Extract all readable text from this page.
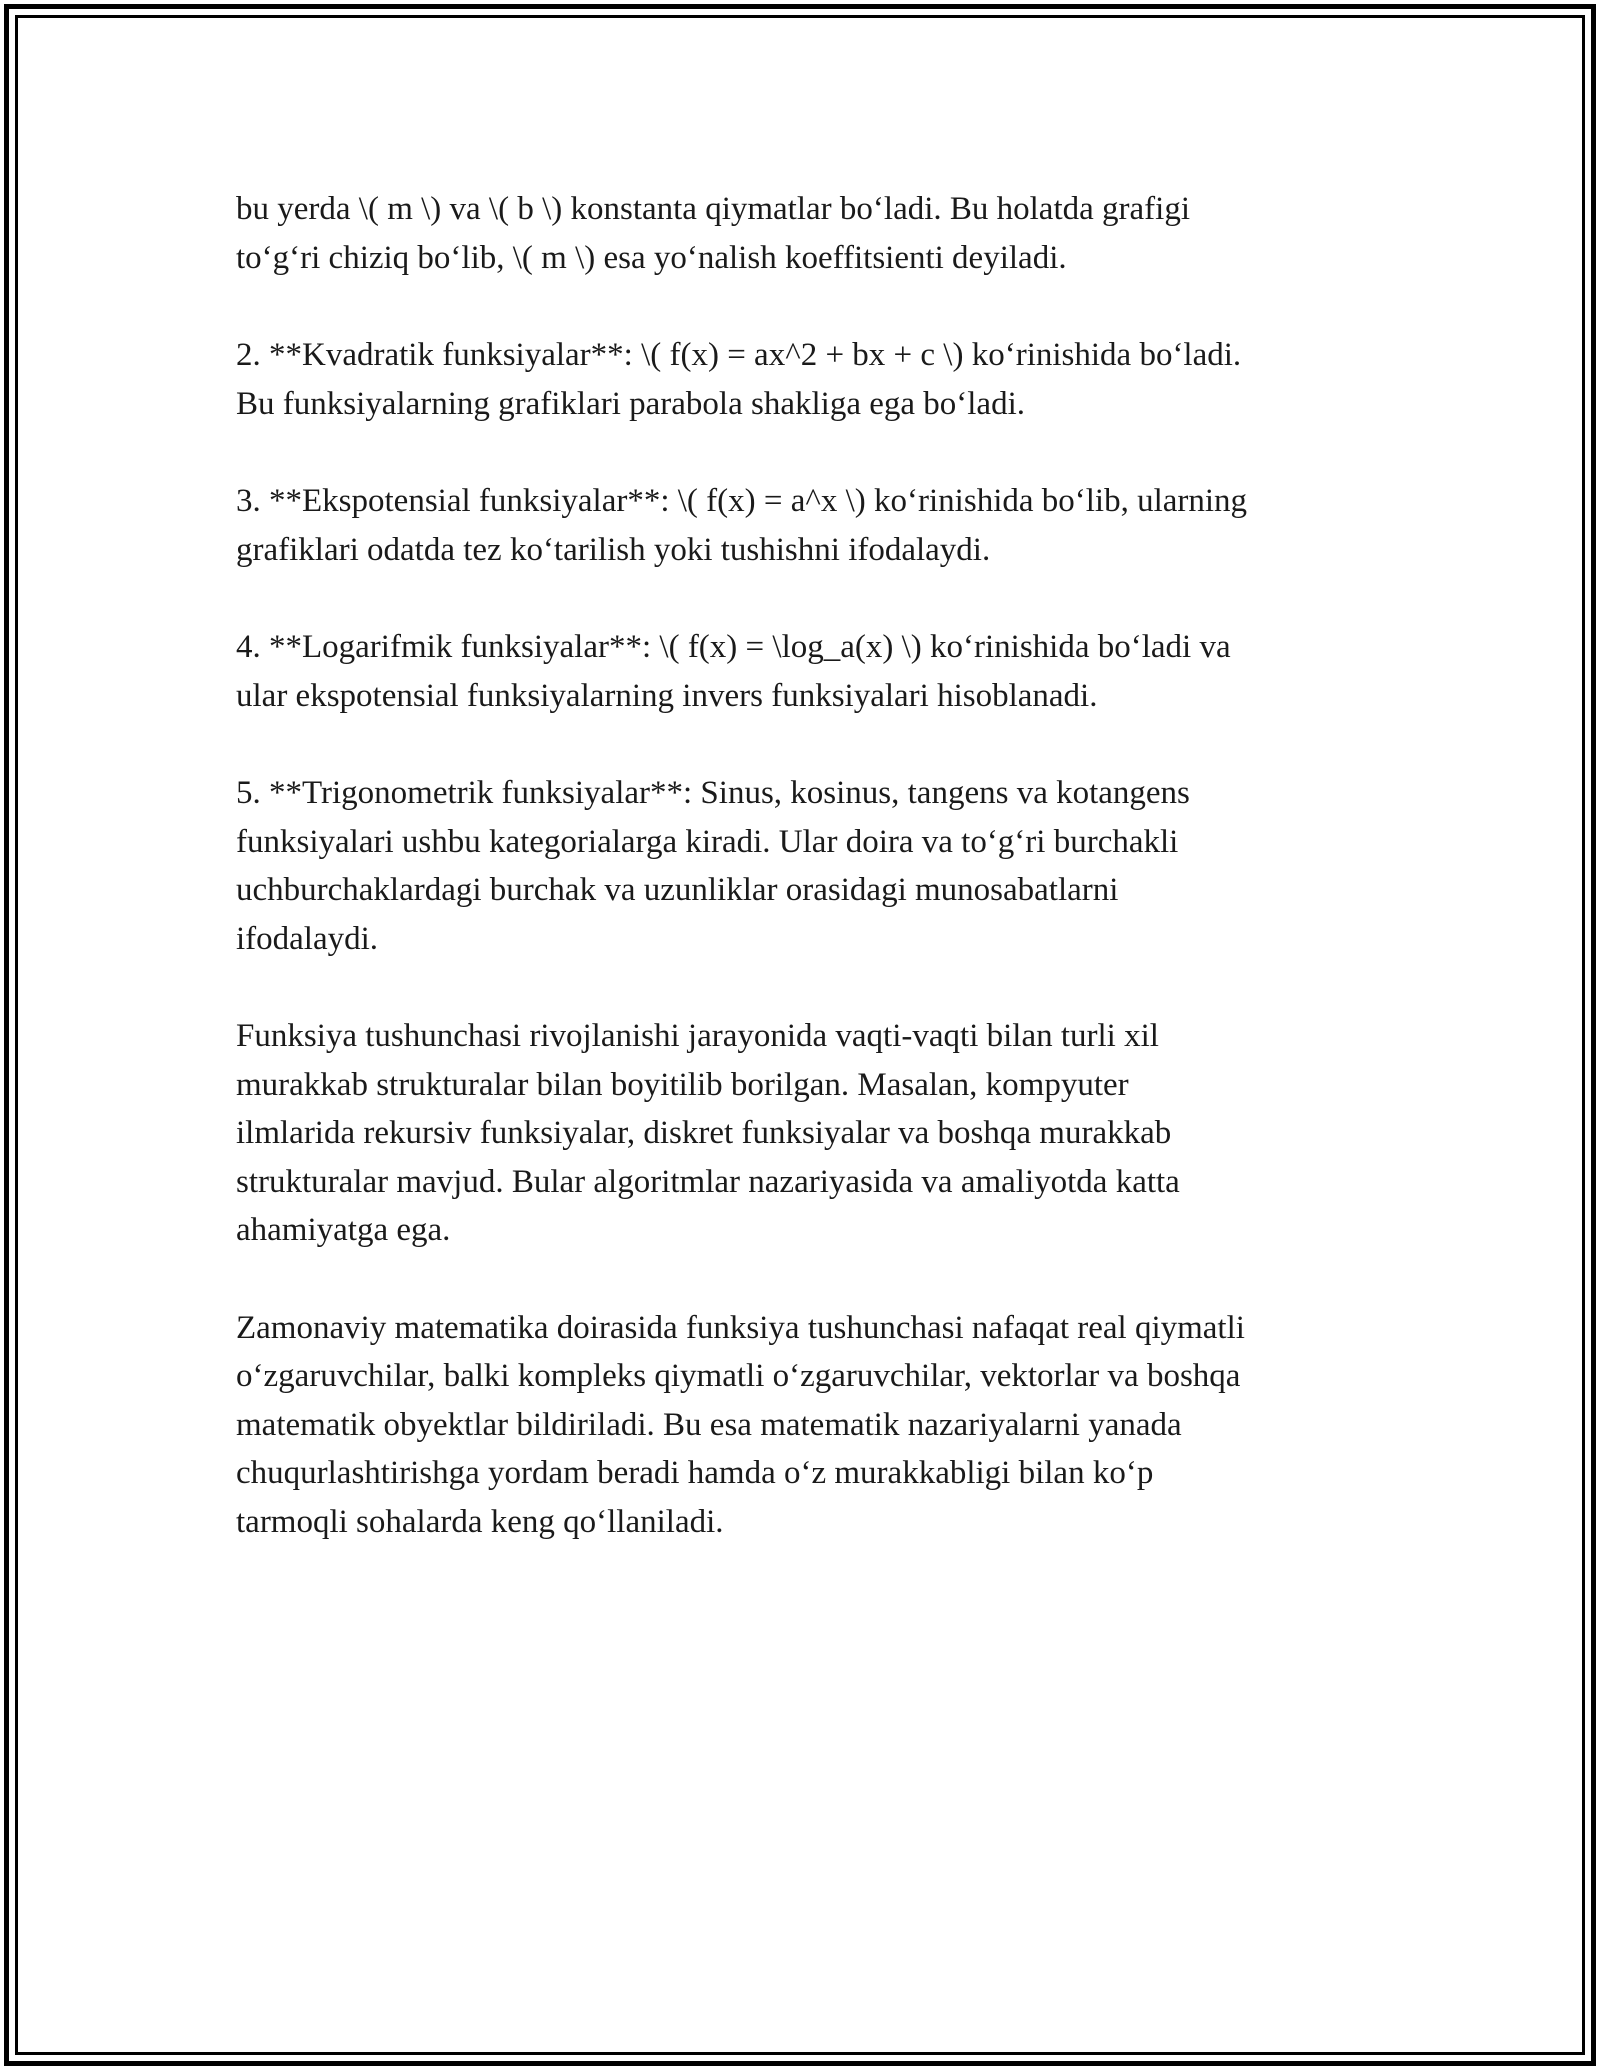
bu yerda \( m \) va \( b \) konstanta qiymatlar bo‘ladi. Bu holatda grafigi
to‘g‘ri chiziq bo‘lib, \( m \) esa yo‘nalish koeffitsienti deyiladi.

2. **Kvadratik funksiyalar**: \( f(x) = ax^2 + bx + c \) ko‘rinishida bo‘ladi.
Bu funksiyalarning grafiklari parabola shakliga ega bo‘ladi.

3. **Ekspotensial funksiyalar**: \( f(x) = a^x \) ko‘rinishida bo‘lib, ularning
grafiklari odatda tez ko‘tarilish yoki tushishni ifodalaydi.

4. **Logarifmik funksiyalar**: \( f(x) = \log_a(x) \) ko‘rinishida bo‘ladi va
ular ekspotensial funksiyalarning invers funksiyalari hisoblanadi.

5. **Trigonometrik funksiyalar**: Sinus, kosinus, tangens va kotangens
funksiyalari ushbu kategorialarga kiradi. Ular doira va to‘g‘ri burchakli
uchburchaklardagi burchak va uzunliklar orasidagi munosabatlarni
ifodalaydi.

Funksiya tushunchasi rivojlanishi jarayonida vaqti-vaqti bilan turli xil
murakkab strukturalar bilan boyitilib borilgan. Masalan, kompyuter
ilmlarida rekursiv funksiyalar, diskret funksiyalar va boshqa murakkab
strukturalar mavjud. Bular algoritmlar nazariyasida va amaliyotda katta
ahamiyatga ega.

Zamonaviy matematika doirasida funksiya tushunchasi nafaqat real qiymatli
o‘zgaruvchilar, balki kompleks qiymatli o‘zgaruvchilar, vektorlar va boshqa
matematik obyektlar bildiriladi. Bu esa matematik nazariyalarni yanada
chuqurlashtirishga yordam beradi hamda o‘z murakkabligi bilan ko‘p
tarmoqli sohalarda keng qo‘llaniladi.
